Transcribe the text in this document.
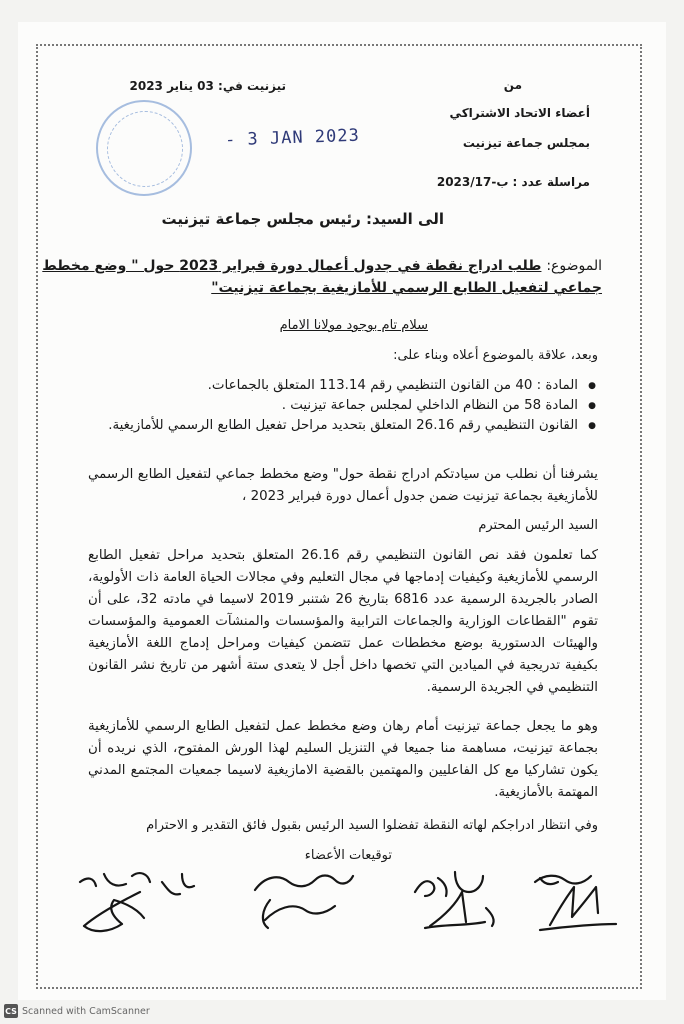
من
أعضاء الاتحاد الاشتراكي
بمجلس جماعة تيزنيت
مراسلة عدد : ب-2023/17
تيزنيت في: 03 يناير 2023
- 3 JAN 2023
الى السيد: رئيس مجلس جماعة تيزنيت
الموضوع: طلب ادراج نقطة في جدول أعمال دورة فبراير 2023 حول " وضع مخطط
جماعي لتفعيل الطابع الرسمي للأمازيغية بجماعة تيزنيت"
سلام تام بوجود مولانا الامام
وبعد، علاقة بالموضوع أعلاه وبناء على:
● المادة : 40 من القانون التنظيمي رقم 113.14 المتعلق بالجماعات.
● المادة 58 من النظام الداخلي لمجلس جماعة تيزنيت .
● القانون التنظيمي رقم 26.16 المتعلق بتحديد مراحل تفعيل الطابع الرسمي للأمازيغية.
يشرفنا أن نطلب من سيادتكم ادراج نقطة حول" وضع مخطط جماعي لتفعيل الطابع الرسمي للأمازيغية بجماعة تيزنيت ضمن جدول أعمال دورة فبراير 2023 ،
السيد الرئيس المحترم
كما تعلمون فقد نص القانون التنظيمي رقم 26.16 المتعلق بتحديد مراحل تفعيل الطابع الرسمي للأمازيغية وكيفيات إدماجها في مجال التعليم وفي مجالات الحياة العامة ذات الأولوية، الصادر بالجريدة الرسمية عدد 6816 بتاريخ 26 شتنبر 2019 لاسيما في مادته 32، على أن تقوم "القطاعات الوزارية والجماعات الترابية والمؤسسات والمنشآت العمومية والمؤسسات والهيئات الدستورية بوضع مخططات عمل تتضمن كيفيات ومراحل إدماج اللغة الأمازيغية بكيفية تدريجية في الميادين التي تخصها داخل أجل لا يتعدى ستة أشهر من تاريخ نشر القانون التنظيمي في الجريدة الرسمية.
وهو ما يجعل جماعة تيزنيت أمام رهان وضع مخطط عمل لتفعيل الطابع الرسمي للأمازيغية بجماعة تيزنيت، مساهمة منا جميعا في التنزيل السليم لهذا الورش المفتوح، الذي نريده أن يكون تشاركيا مع كل الفاعليين والمهتمين بالقضية الامازيغية لاسيما جمعيات المجتمع المدني المهتمة بالأمازيغية.
وفي انتظار ادراجكم لهاته النقطة تفضلوا السيد الرئيس بقبول فائق التقدير و الاحترام
توقيعات الأعضاء
CS Scanned with CamScanner
